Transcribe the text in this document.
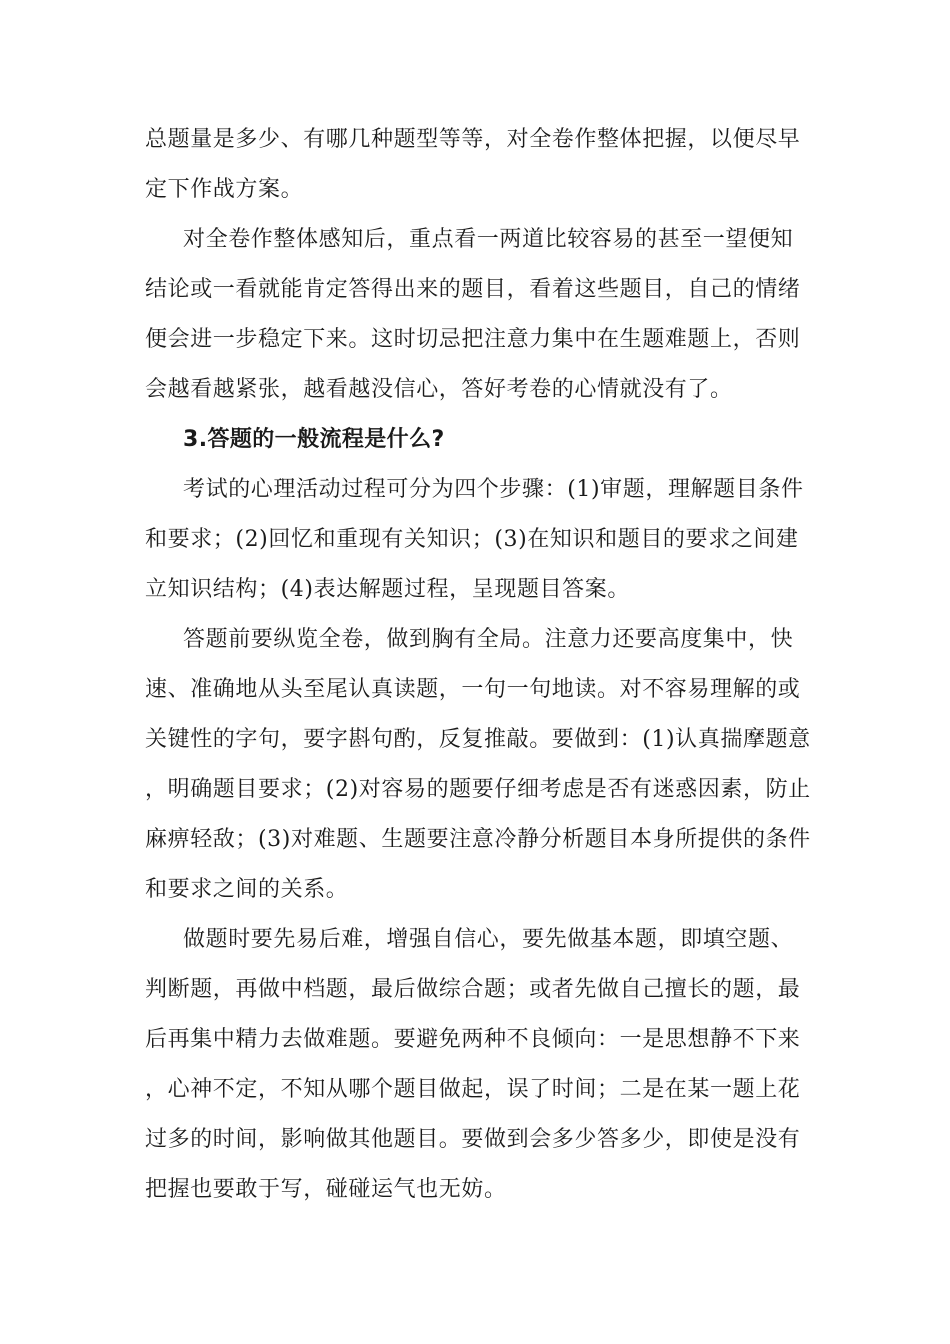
总题量是多少、有哪几种题型等等，对全卷作整体把握，以便尽早
定下作战方案。
对全卷作整体感知后，重点看一两道比较容易的甚至一望便知
结论或一看就能肯定答得出来的题目，看着这些题目，自己的情绪
便会进一步稳定下来。这时切忌把注意力集中在生题难题上，否则
会越看越紧张，越看越没信心，答好考卷的心情就没有了。
3.答题的一般流程是什么?
考试的心理活动过程可分为四个步骤：(1)审题，理解题目条件
和要求；(2)回忆和重现有关知识；(3)在知识和题目的要求之间建
立知识结构；(4)表达解题过程，呈现题目答案。
答题前要纵览全卷，做到胸有全局。注意力还要高度集中，快
速、准确地从头至尾认真读题，一句一句地读。对不容易理解的或
关键性的字句，要字斟句酌，反复推敲。要做到：(1)认真揣摩题意
，明确题目要求；(2)对容易的题要仔细考虑是否有迷惑因素，防止
麻痹轻敌；(3)对难题、生题要注意冷静分析题目本身所提供的条件
和要求之间的关系。
做题时要先易后难，增强自信心，要先做基本题，即填空题、
判断题，再做中档题，最后做综合题；或者先做自己擅长的题，最
后再集中精力去做难题。要避免两种不良倾向：一是思想静不下来
，心神不定，不知从哪个题目做起，误了时间；二是在某一题上花
过多的时间，影响做其他题目。要做到会多少答多少，即使是没有
把握也要敢于写，碰碰运气也无妨。
